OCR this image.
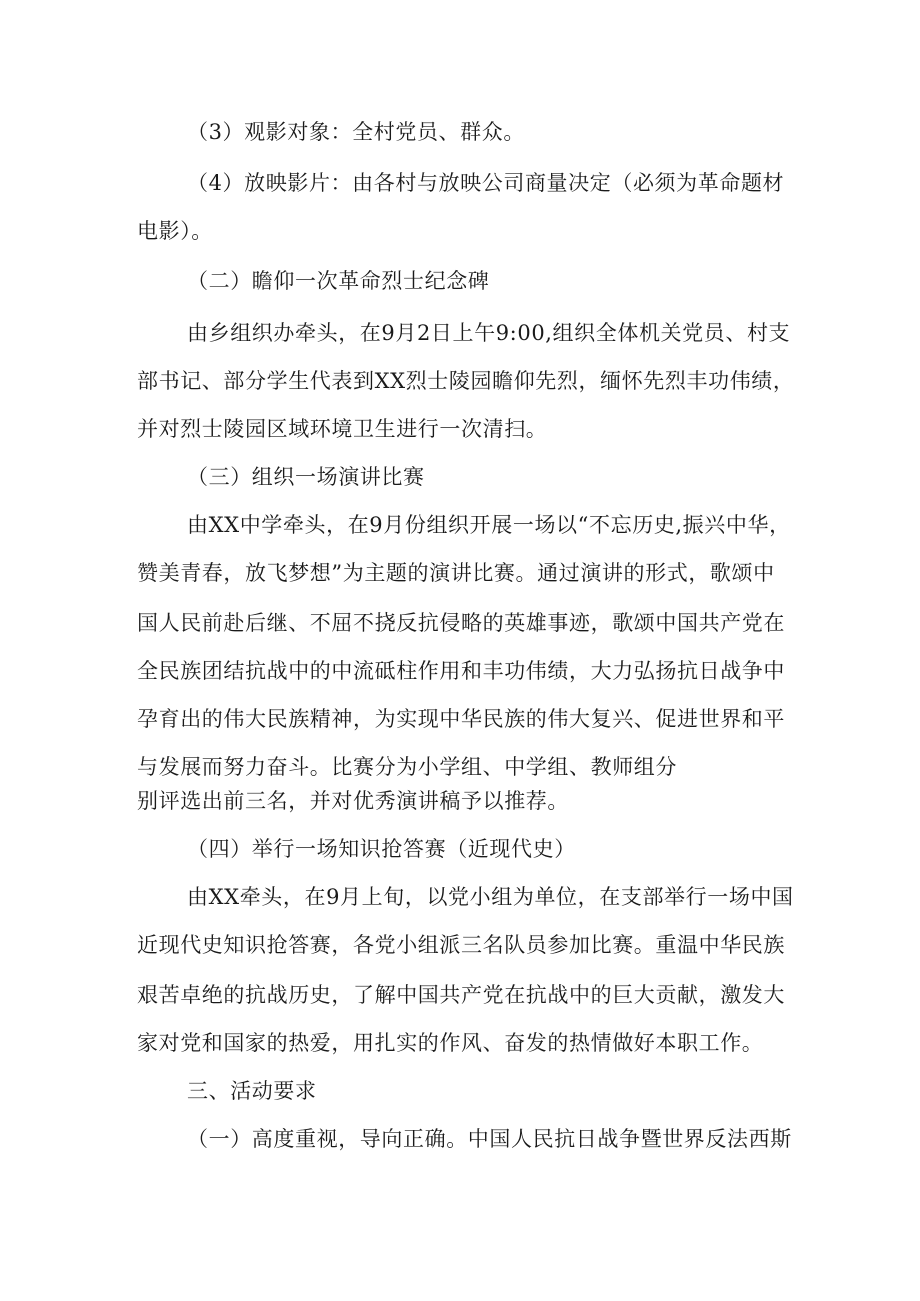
（3）观影对象：全村党员、群众。
（4）放映影片：由各村与放映公司商量决定（必须为革命题材
电影）。
（二）瞻仰一次革命烈士纪念碑
由乡组织办牵头，在9月2日上午9:00,组织全体机关党员、村支
部书记、部分学生代表到XX烈士陵园瞻仰先烈，缅怀先烈丰功伟绩，
并对烈士陵园区域环境卫生进行一次清扫。
（三）组织一场演讲比赛
由XX中学牵头，在9月份组织开展一场以“不忘历史,振兴中华，
赞美青春，放飞梦想”为主题的演讲比赛。通过演讲的形式，歌颂中
国人民前赴后继、不屈不挠反抗侵略的英雄事迹，歌颂中国共产党在
全民族团结抗战中的中流砥柱作用和丰功伟绩，大力弘扬抗日战争中
孕育出的伟大民族精神，为实现中华民族的伟大复兴、促进世界和平
与发展而努力奋斗。比赛分为小学组、中学组、教师组分
别评选出前三名，并对优秀演讲稿予以推荐。
（四）举行一场知识抢答赛（近现代史）
由XX牵头，在9月上旬，以党小组为单位，在支部举行一场中国
近现代史知识抢答赛，各党小组派三名队员参加比赛。重温中华民族
艰苦卓绝的抗战历史，了解中国共产党在抗战中的巨大贡献，激发大
家对党和国家的热爱，用扎实的作风、奋发的热情做好本职工作。
三、活动要求
（一）高度重视，导向正确。中国人民抗日战争暨世界反法西斯
